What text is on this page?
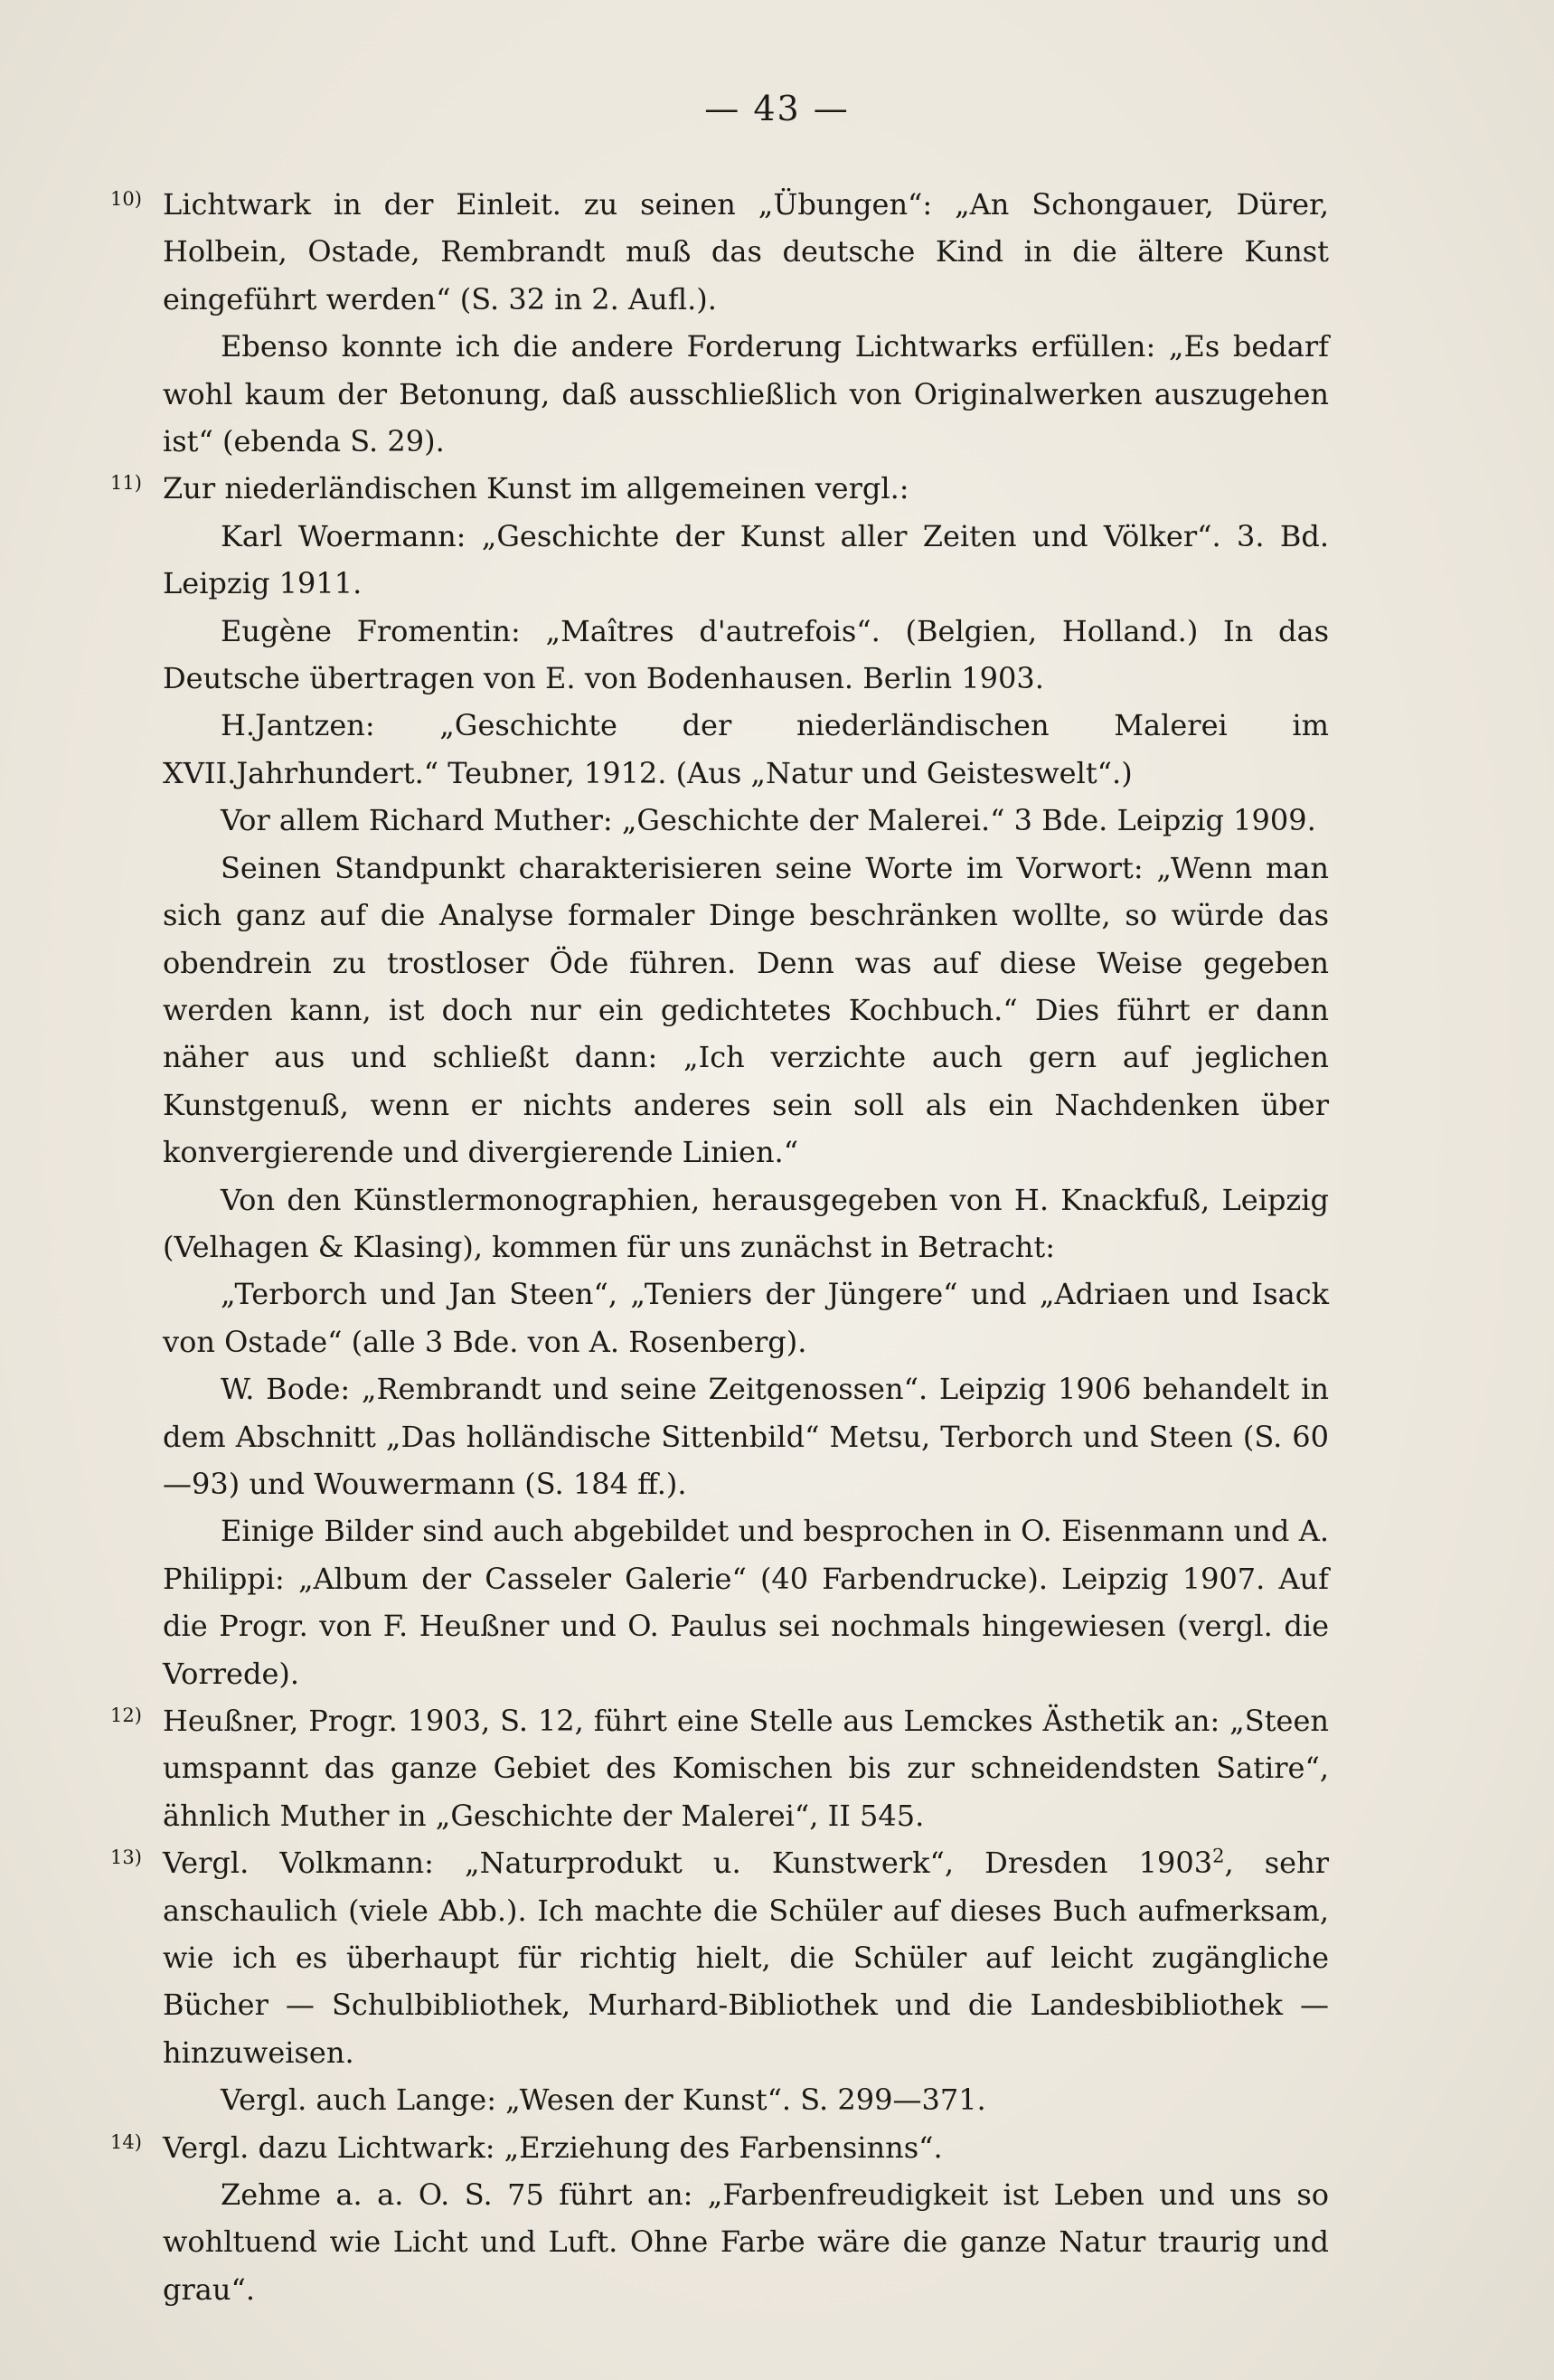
— 43 —

10) Lichtwark in der Einleit. zu seinen „Übungen“: „An Schongauer, Dürer, Holbein, Ostade, Rembrandt muß das deutsche Kind in die ältere Kunst eingeführt werden“ (S. 32 in 2. Aufl.).

Ebenso konnte ich die andere Forderung Lichtwarks erfüllen: „Es bedarf wohl kaum der Betonung, daß ausschließlich von Originalwerken auszugehen ist“ (ebenda S. 29).

11) Zur niederländischen Kunst im allgemeinen vergl.:

Karl Woermann: „Geschichte der Kunst aller Zeiten und Völker“. 3. Bd. Leipzig 1911.

Eugène Fromentin: „Maîtres d'autrefois“. (Belgien, Holland.) In das Deutsche übertragen von E. von Bodenhausen. Berlin 1903.

H.Jantzen: „Geschichte der niederländischen Malerei im XVII.Jahrhundert.“ Teubner, 1912. (Aus „Natur und Geisteswelt“.)

Vor allem Richard Muther: „Geschichte der Malerei.“ 3 Bde. Leipzig 1909.

Seinen Standpunkt charakterisieren seine Worte im Vorwort: „Wenn man sich ganz auf die Analyse formaler Dinge beschränken wollte, so würde das obendrein zu trostloser Öde führen. Denn was auf diese Weise gegeben werden kann, ist doch nur ein gedichtetes Kochbuch.“ Dies führt er dann näher aus und schließt dann: „Ich verzichte auch gern auf jeglichen Kunstgenuß, wenn er nichts anderes sein soll als ein Nachdenken über konvergierende und divergierende Linien.“

Von den Künstlermonographien, herausgegeben von H. Knackfuß, Leipzig (Velhagen & Klasing), kommen für uns zunächst in Betracht:

„Terborch und Jan Steen“, „Teniers der Jüngere“ und „Adriaen und Isack von Ostade“ (alle 3 Bde. von A. Rosenberg).

W. Bode: „Rembrandt und seine Zeitgenossen“. Leipzig 1906 behandelt in dem Abschnitt „Das holländische Sittenbild“ Metsu, Terborch und Steen (S. 60—93) und Wouwermann (S. 184 ff.).

Einige Bilder sind auch abgebildet und besprochen in O. Eisenmann und A. Philippi: „Album der Casseler Galerie“ (40 Farbendrucke). Leipzig 1907. Auf die Progr. von F. Heußner und O. Paulus sei nochmals hingewiesen (vergl. die Vorrede).

12) Heußner, Progr. 1903, S. 12, führt eine Stelle aus Lemckes Ästhetik an: „Steen umspannt das ganze Gebiet des Komischen bis zur schneidendsten Satire“, ähnlich Muther in „Geschichte der Malerei“, II 545.

13) Vergl. Volkmann: „Naturprodukt u. Kunstwerk“, Dresden 1903$^2$, sehr anschaulich (viele Abb.). Ich machte die Schüler auf dieses Buch aufmerksam, wie ich es überhaupt für richtig hielt, die Schüler auf leicht zugängliche Bücher — Schulbibliothek, Murhard-Bibliothek und die Landesbibliothek — hinzuweisen.

Vergl. auch Lange: „Wesen der Kunst“. S. 299—371.

14) Vergl. dazu Lichtwark: „Erziehung des Farbensinns“.

Zehme a. a. O. S. 75 führt an: „Farbenfreudigkeit ist Leben und uns so wohltuend wie Licht und Luft. Ohne Farbe wäre die ganze Natur traurig und grau“.
